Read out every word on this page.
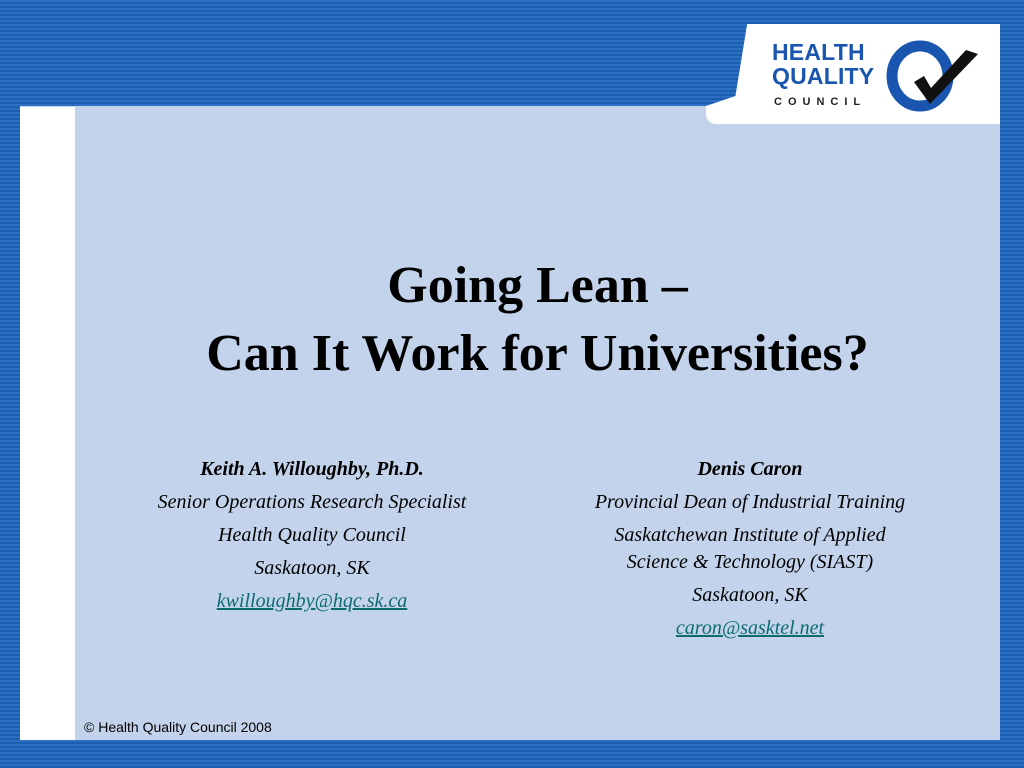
HEALTH
QUALITY
COUNCIL
Going Lean –
Can It Work for Universities?
Keith A. Willoughby, Ph.D.
Senior Operations Research Specialist
Health Quality Council
Saskatoon, SK
kwilloughby@hqc.sk.ca
Denis Caron
Provincial Dean of Industrial Training
Saskatchewan Institute of Applied
Science & Technology (SIAST)
Saskatoon, SK
caron@sasktel.net
© Health Quality Council 2008
